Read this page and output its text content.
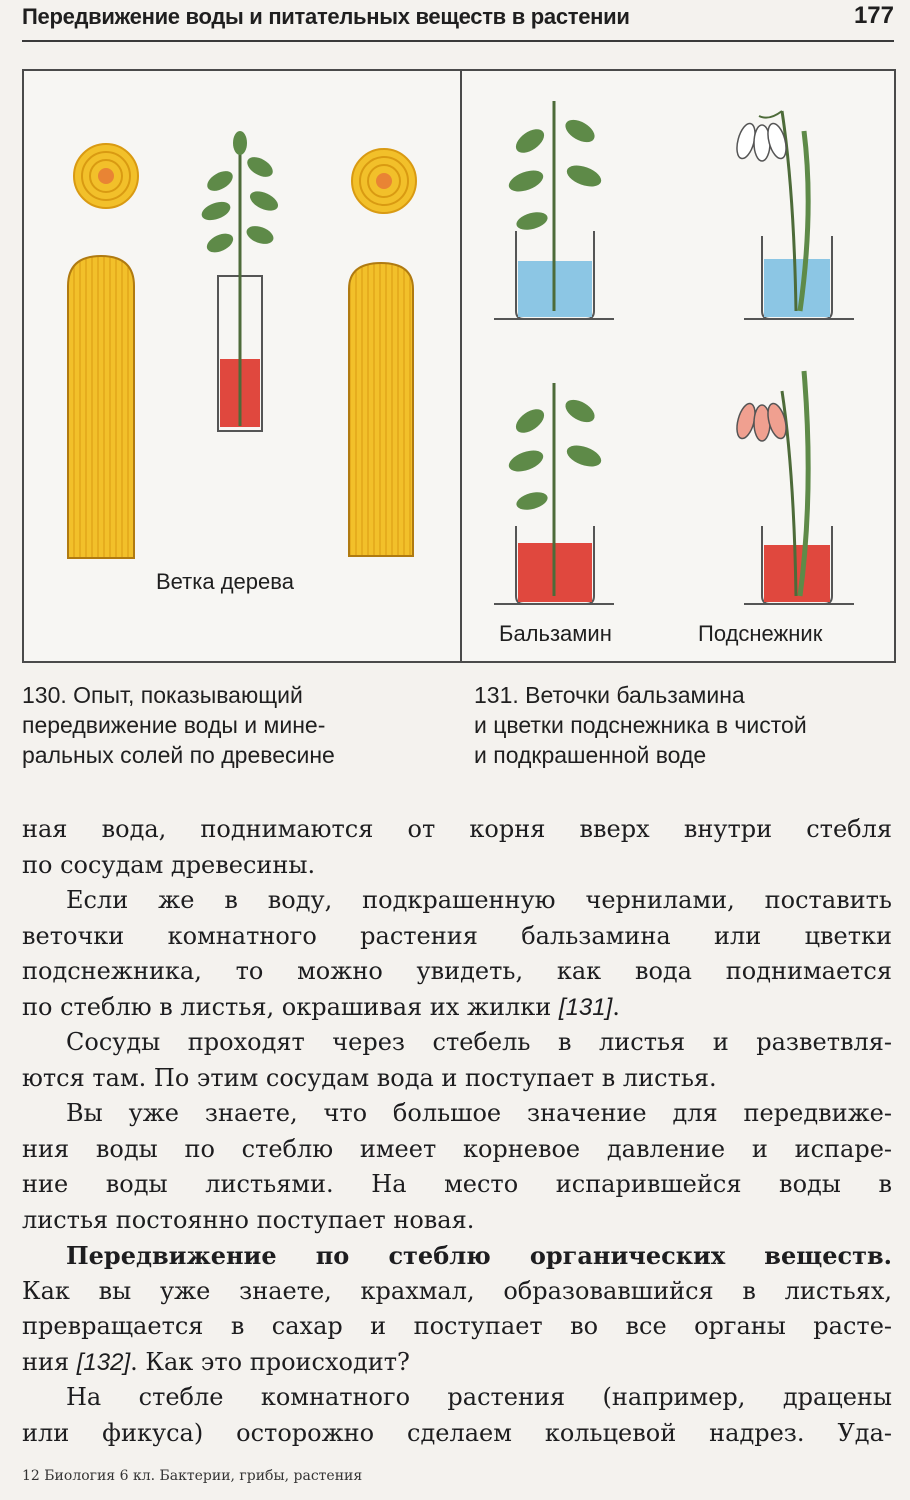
Передвижение воды и питательных веществ в растении	177
Ветка дерева
Бальзамин	Подснежник
130. Опыт, показывающий
передвижение воды и мине-
ральных солей по древесине
131. Веточки бальзамина
и цветки подснежника в чистой
и подкрашенной воде
ная вода, поднимаются от корня вверх внутри стебля
по сосудам древесины.
Если же в воду, подкрашенную чернилами, поставить
веточки комнатного растения бальзамина или цветки
подснежника, то можно увидеть, как вода поднимается
по стеблю в листья, окрашивая их жилки [131].
Сосуды проходят через стебель в листья и разветвля-
ются там. По этим сосудам вода и поступает в листья.
Вы уже знаете, что большое значение для передвиже-
ния воды по стеблю имеет корневое давление и испаре-
ние воды листьями. На место испарившейся воды в
листья постоянно поступает новая.
Передвижение по стеблю органических веществ.
Как вы уже знаете, крахмал, образовавшийся в листьях,
превращается в сахар и поступает во все органы расте-
ния [132]. Как это происходит?
На стебле комнатного растения (например, драцены
или фикуса) осторожно сделаем кольцевой надрез. Уда-
12 Биология 6 кл. Бактерии, грибы, растения
